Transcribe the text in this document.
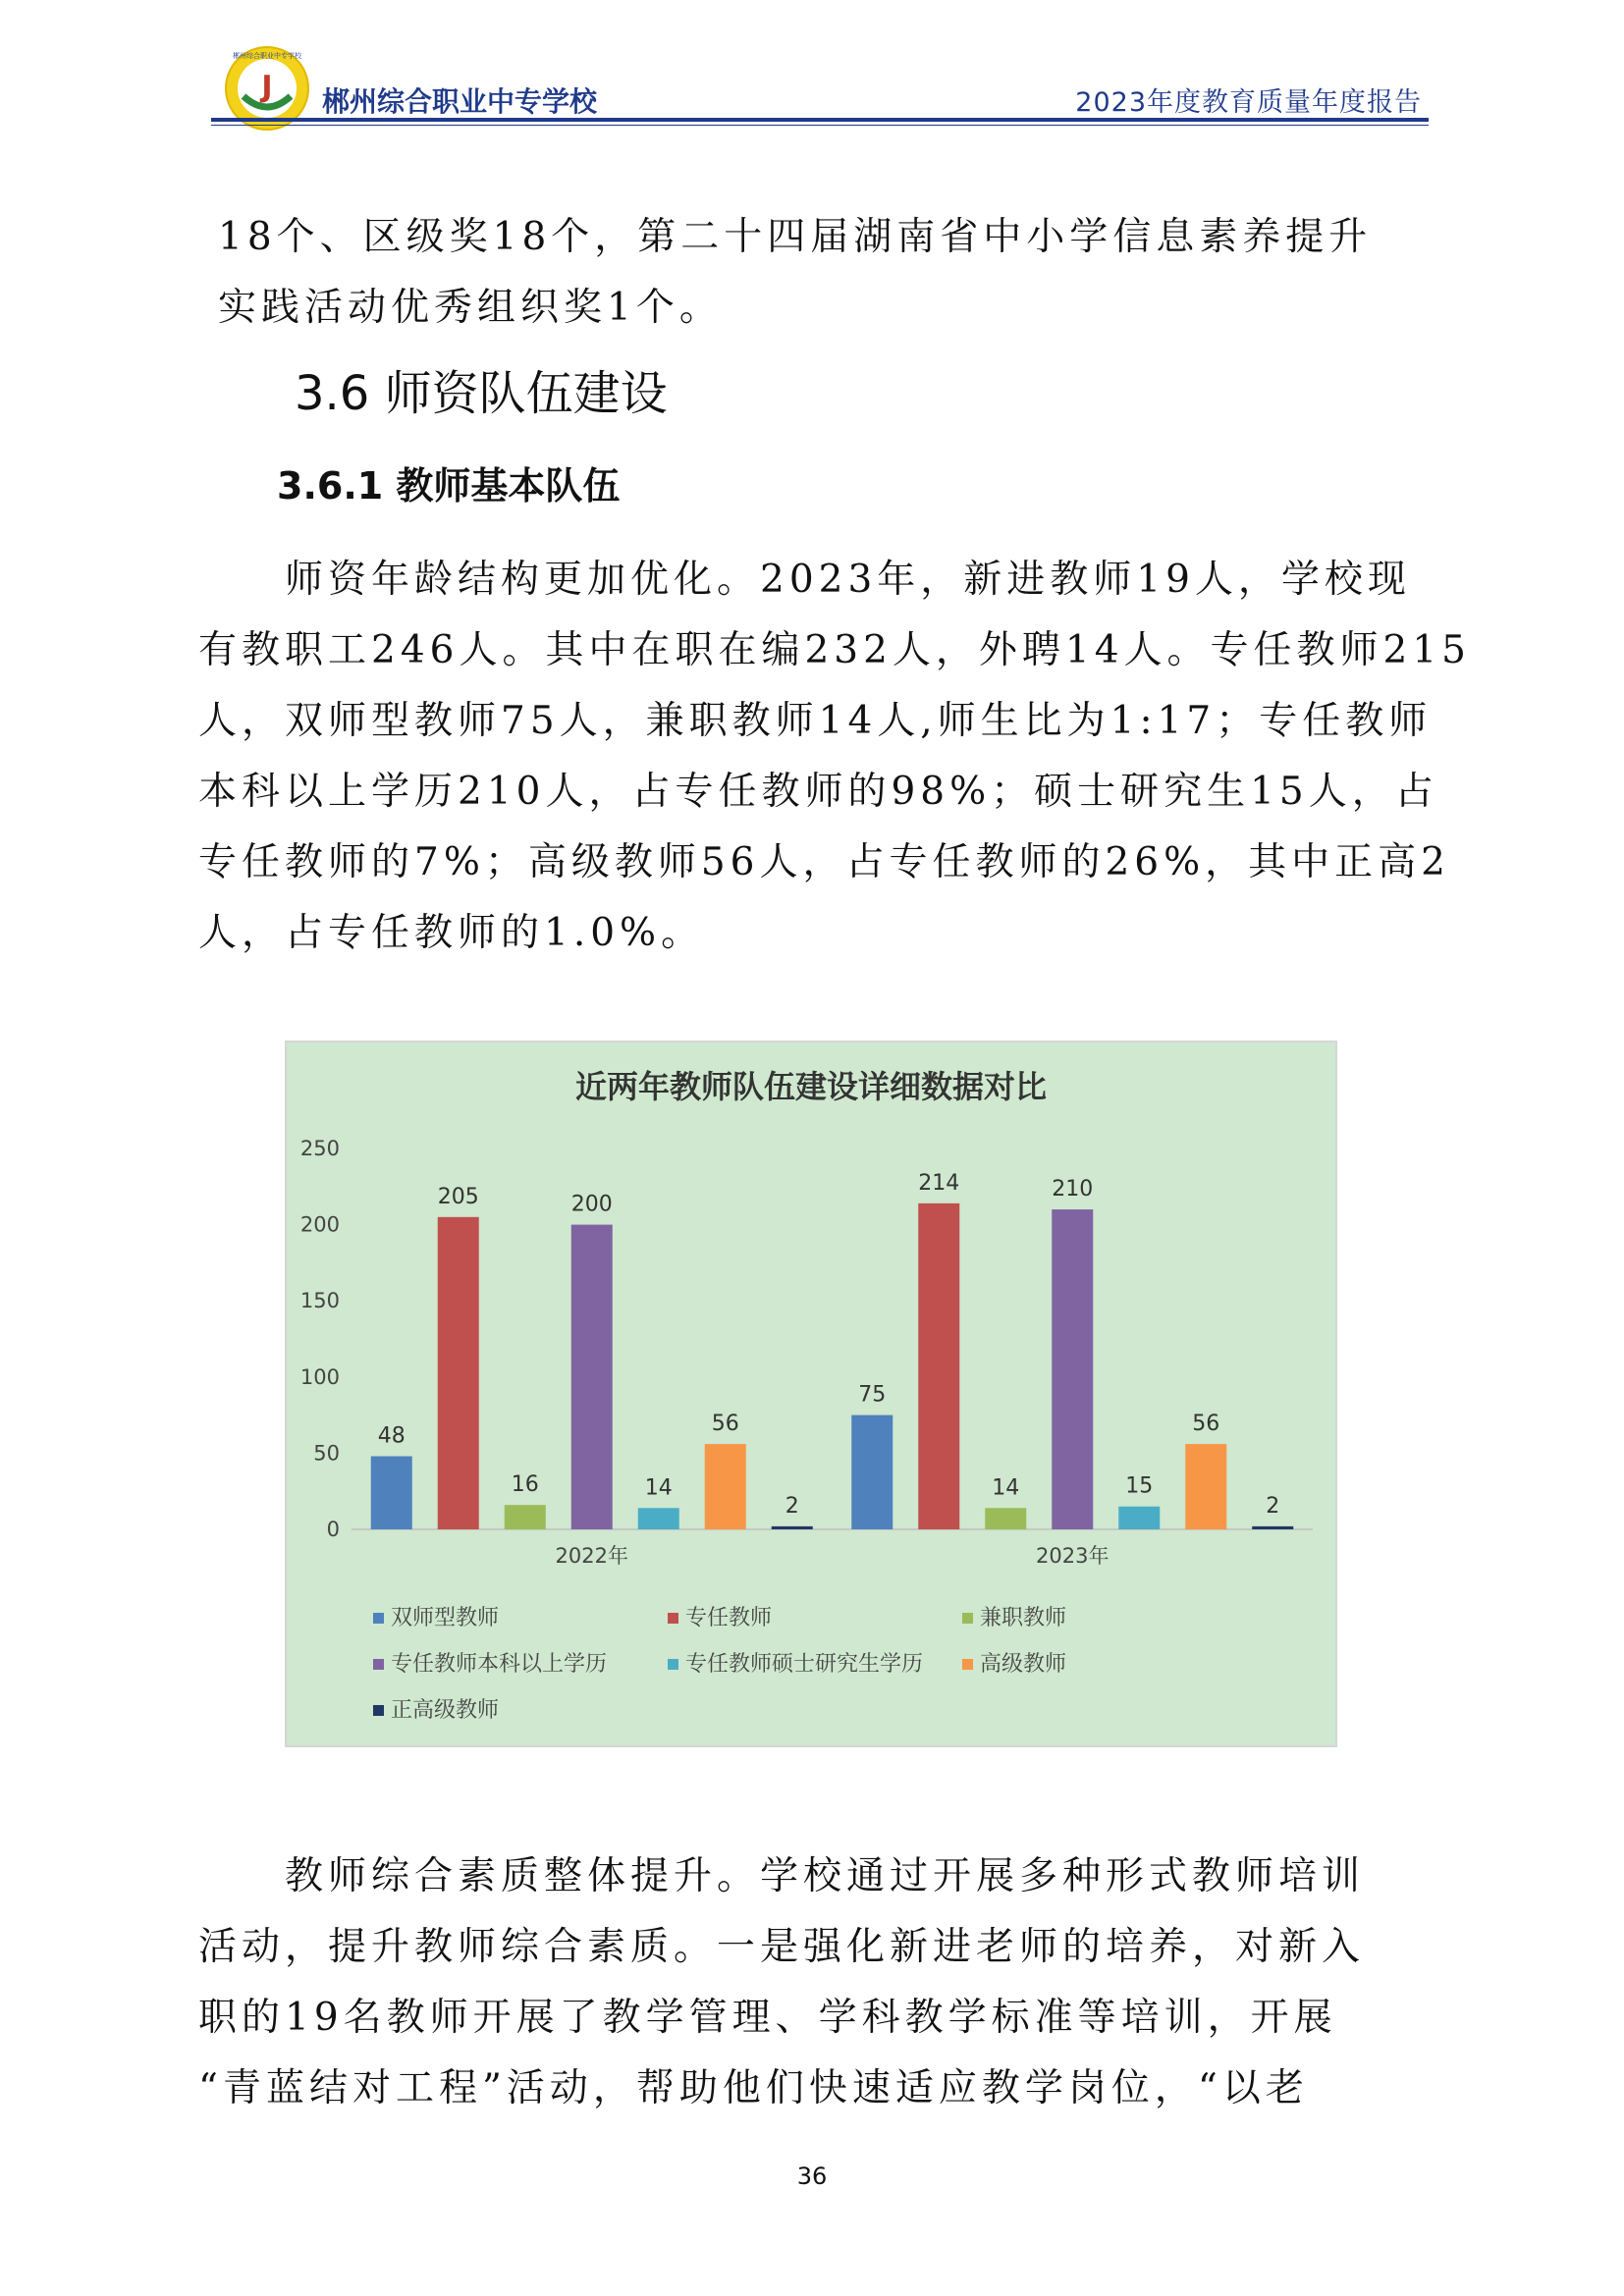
J
郴州综合职业中专学校
郴州综合职业中专学校	2023年度教育质量年度报告

18个、区级奖18个，第二十四届湖南省中小学信息素养提升

实践活动优秀组织奖1个。

3.6 师资队伍建设
3.6.1 教师基本队伍

师资年龄结构更加优化。2023年，新进教师19人，学校现

有教职工246人。其中在职在编232人，外聘14人。专任教师215

人，双师型教师75人，兼职教师14人,师生比为1:17；专任教师

本科以上学历210人，占专任教师的98%；硕士研究生15人，占

专任教师的7%；高级教师56人，占专任教师的26%，其中正高2

人，占专任教师的1.0%。

近两年教师队伍建设详细数据对比
0
50
100
150
200
250
48
205
16
200
14
56
2
75
214
14
210
15
56
2
2022年	2023年
双师型教师	专任教师	兼职教师
专任教师本科以上学历	专任教师硕士研究生学历	高级教师
正高级教师

教师综合素质整体提升。学校通过开展多种形式教师培训

活动，提升教师综合素质。一是强化新进老师的培养，对新入

职的19名教师开展了教学管理、学科教学标准等培训，开展

“青蓝结对工程”活动，帮助他们快速适应教学岗位，“以老

36
